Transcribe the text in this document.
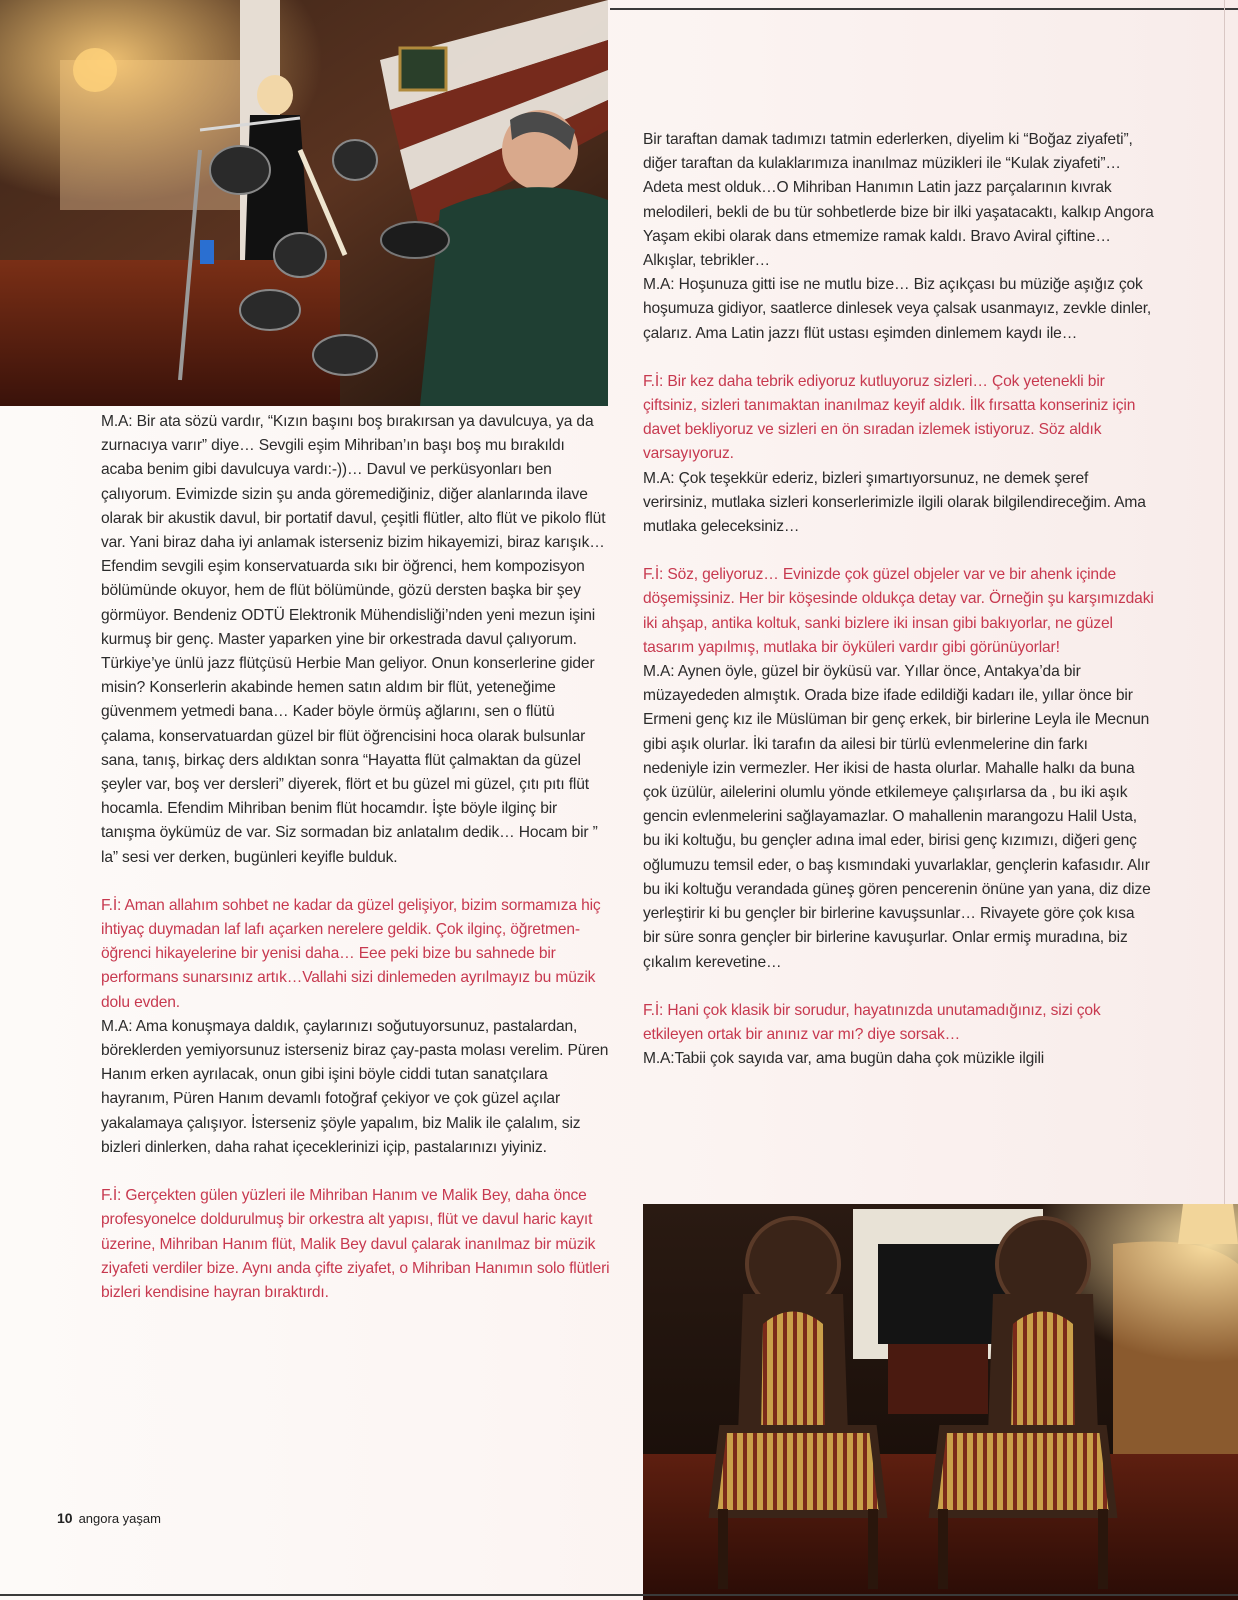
M.A: Bir ata sözü vardır, “Kızın başını boş bırakırsan ya davulcuya, ya da zurnacıya varır” diye… Sevgili eşim Mihriban’ın başı boş mu bırakıldı acaba benim gibi davulcuya vardı:-))… Davul ve perküsyonları ben çalıyorum. Evimizde sizin şu anda göremediğiniz, diğer alanlarında ilave olarak bir akustik davul, bir portatif davul, çeşitli flütler, alto flüt ve pikolo flüt var. Yani biraz daha iyi anlamak isterseniz bizim hikayemizi, biraz karışık… Efendim sevgili eşim konservatuarda sıkı bir öğrenci, hem kompozisyon bölümünde okuyor, hem de flüt bölümünde, gözü dersten başka bir şey görmüyor. Bendeniz ODTÜ Elektronik Mühendisliği’nden yeni mezun işini kurmuş bir genç. Master yaparken yine bir orkestrada davul çalıyorum. Türkiye’ye ünlü jazz flütçüsü Herbie Man geliyor. Onun konserlerine gider misin? Konserlerin akabinde hemen satın aldım bir flüt, yeteneğime güvenmem yetmedi bana… Kader böyle örmüş ağlarını, sen o flütü çalama, konservatuardan güzel bir flüt öğrencisini hoca olarak bulsunlar sana, tanış, birkaç ders aldıktan sonra “Hayatta flüt çalmaktan da güzel şeyler var, boş ver dersleri” diyerek, flört et bu güzel mi güzel, çıtı pıtı flüt hocamla. Efendim Mihriban benim flüt hocamdır. İşte böyle ilginç bir tanışma öykümüz de var. Siz sormadan biz anlatalım dedik… Hocam bir ” la” sesi ver derken, bugünleri keyifle bulduk.

F.İ: Aman allahım sohbet ne kadar da güzel gelişiyor, bizim sormamıza hiç ihtiyaç duymadan laf lafı açarken nerelere geldik. Çok ilginç, öğretmen-öğrenci hikayelerine bir yenisi daha… Eee peki bize bu sahnede bir performans sunarsınız artık…Vallahi sizi dinlemeden ayrılmayız bu müzik dolu evden.

M.A: Ama konuşmaya daldık, çaylarınızı soğutuyorsunuz, pastalardan, böreklerden yemiyorsunuz isterseniz biraz çay-pasta molası verelim. Püren Hanım erken ayrılacak, onun gibi işini böyle ciddi tutan sanatçılara hayranım, Püren Hanım devamlı fotoğraf çekiyor ve çok güzel açılar yakalamaya çalışıyor. İsterseniz şöyle yapalım, biz Malik ile çalalım, siz bizleri dinlerken, daha rahat içeceklerinizi içip, pastalarınızı yiyiniz.

F.İ: Gerçekten gülen yüzleri ile Mihriban Hanım ve Malik Bey, daha önce profesyonelce doldurulmuş bir orkestra alt yapısı, flüt ve davul haric kayıt üzerine, Mihriban Hanım flüt, Malik Bey davul çalarak inanılmaz bir müzik ziyafeti verdiler bize. Aynı anda çifte ziyafet, o Mihriban Hanımın solo flütleri bizleri kendisine hayran bıraktırdı.

Bir taraftan damak tadımızı tatmin ederlerken, diyelim ki “Boğaz ziyafeti”, diğer taraftan da kulaklarımıza inanılmaz müzikleri ile “Kulak ziyafeti”… Adeta mest olduk…O Mihriban Hanımın Latin jazz parçalarının kıvrak melodileri, bekli de bu tür sohbetlerde bize bir ilki yaşatacaktı, kalkıp Angora Yaşam ekibi olarak dans etmemize ramak kaldı. Bravo Aviral çiftine… Alkışlar, tebrikler…

M.A: Hoşunuza gitti ise ne mutlu bize… Biz açıkçası bu müziğe aşığız çok hoşumuza gidiyor, saatlerce dinlesek veya çalsak usanmayız, zevkle dinler, çalarız. Ama Latin jazzı flüt ustası eşimden dinlemem kaydı ile…

F.İ: Bir kez daha tebrik ediyoruz kutluyoruz sizleri… Çok yetenekli bir çiftsiniz, sizleri tanımaktan inanılmaz keyif aldık. İlk fırsatta konseriniz için davet bekliyoruz ve sizleri en ön sıradan izlemek istiyoruz. Söz aldık varsayıyoruz.

M.A: Çok teşekkür ederiz, bizleri şımartıyorsunuz, ne demek şeref verirsiniz, mutlaka sizleri konserlerimizle ilgili olarak bilgilendireceğim. Ama mutlaka geleceksiniz…

F.İ: Söz, geliyoruz… Evinizde çok güzel objeler var ve bir ahenk içinde döşemişsiniz. Her bir köşesinde oldukça detay var. Örneğin şu karşımızdaki iki ahşap, antika koltuk, sanki bizlere iki insan gibi bakıyorlar, ne güzel tasarım yapılmış, mutlaka bir öyküleri vardır gibi görünüyorlar!

M.A: Aynen öyle, güzel bir öyküsü var. Yıllar önce, Antakya’da bir müzayededen almıştık. Orada bize ifade edildiği kadarı ile, yıllar önce bir Ermeni genç kız ile Müslüman bir genç erkek, bir birlerine Leyla ile Mecnun gibi aşık olurlar. İki tarafın da ailesi bir türlü evlenmelerine din farkı nedeniyle izin vermezler. Her ikisi de hasta olurlar. Mahalle halkı da buna çok üzülür, ailelerini olumlu yönde etkilemeye çalışırlarsa da , bu iki aşık gencin evlenmelerini sağlayamazlar. O mahallenin marangozu Halil Usta, bu iki koltuğu, bu gençler adına imal eder, birisi genç kızımızı, diğeri genç oğlumuzu temsil eder, o baş kısmındaki yuvarlaklar, gençlerin kafasıdır. Alır bu iki koltuğu verandada güneş gören pencerenin önüne yan yana, diz dize yerleştirir ki bu gençler bir birlerine kavuşsunlar… Rivayete göre çok kısa bir süre sonra gençler bir birlerine kavuşurlar. Onlar ermiş muradına, biz çıkalım kerevetine…

F.İ: Hani çok klasik bir sorudur, hayatınızda unutamadığınız, sizi çok etkileyen ortak bir anınız var mı? diye sorsak…

M.A:Tabii çok sayıda var, ama bugün daha çok müzikle ilgili

10 angora yaşam
